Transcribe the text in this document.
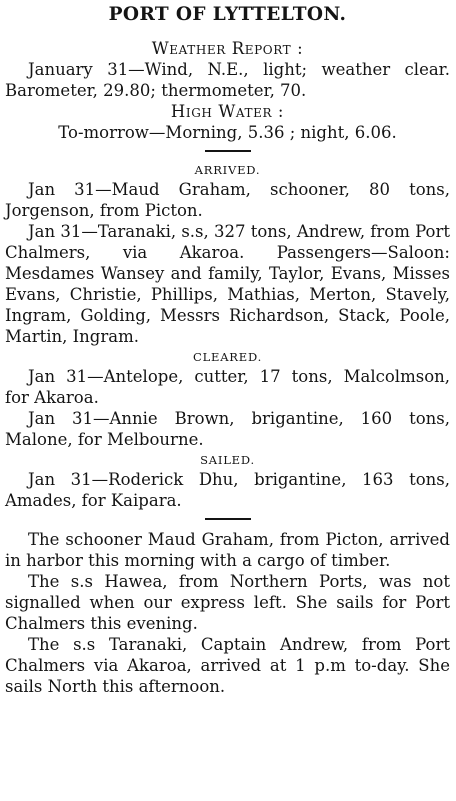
PORT OF LYTTELTON.
Weather Report :

January 31—Wind, N.E., light; weather clear. Barometer, 29.80; thermometer, 70.

High Water :

To-morrow—Morning, 5.36 ; night, 6.06.

ARRIVED.

Jan 31—Maud Graham, schooner, 80 tons, Jorgenson, from Picton.

Jan 31—Taranaki, s.s, 327 tons, Andrew, from Port Chalmers, via Akaroa. Passengers—Saloon: Mesdames Wansey and family, Taylor, Evans, Misses Evans, Christie, Phillips, Mathias, Merton, Stavely, Ingram, Golding, Messrs Richardson, Stack, Poole, Martin, Ingram.

CLEARED.

Jan 31—Antelope, cutter, 17 tons, Malcolmson, for Akaroa.

Jan 31—Annie Brown, brigantine, 160 tons, Malone, for Melbourne.

SAILED.

Jan 31—Roderick Dhu, brigantine, 163 tons, Amades, for Kaipara.

The schooner Maud Graham, from Picton, arrived in harbor this morning with a cargo of timber.

The s.s Hawea, from Northern Ports, was not signalled when our express left. She sails for Port Chalmers this evening.

The s.s Taranaki, Captain Andrew, from Port Chalmers via Akaroa, arrived at 1 p.m to-day. She sails North this afternoon.
